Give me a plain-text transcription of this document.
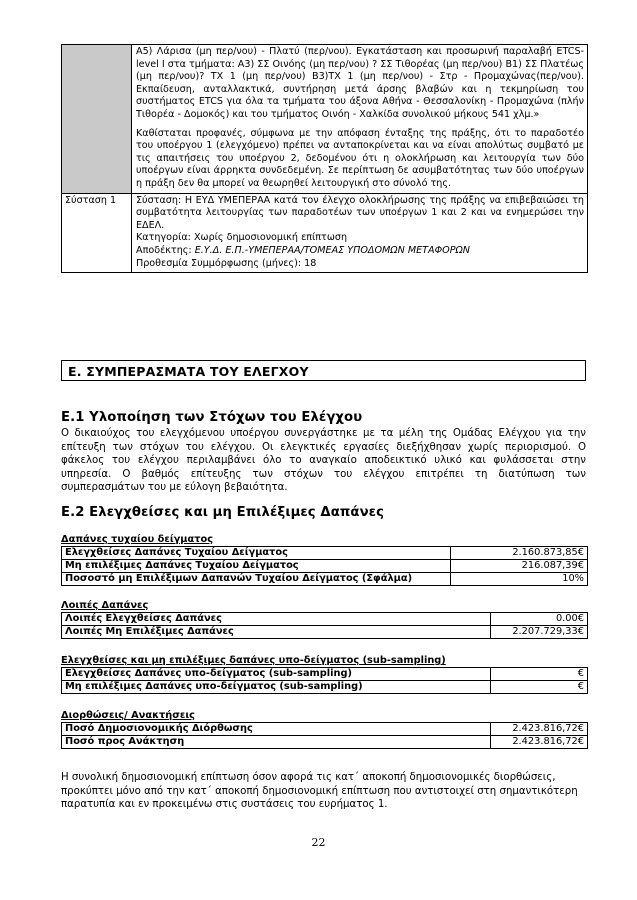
Α5) Λάρισα (μη περ/νου) - Πλατύ (περ/νου). Εγκατάσταση και προσωρινή παραλαβή ETCS-level I στα τμήματα: Α3) ΣΣ Οινόης (μη περ/νου) ? ΣΣ Τιθορέας (μη περ/νου) Β1) ΣΣ Πλατέως (μη περ/νου)? ΤΧ 1 (μη περ/νου) Β3)ΤΧ 1 (μη περ/νου) - Στρ - Προμαχώνας(περ/νου). Εκπαίδευση, ανταλλακτικά, συντήρηση μετά άρσης βλαβών και η τεκμηρίωση του συστήματος ETCS για όλα τα τμήματα του άξονα Αθήνα - Θεσσαλονίκη - Προμαχώνα (πλήν Τιθορέα - Δομοκός) και του τμήματος Οινόη - Χαλκίδα συνολικού μήκους 541 χλμ.»

Καθίσταται προφανές, σύμφωνα με την απόφαση ένταξης της πράξης, ότι το παραδοτέο του υποέργου 1 (ελεγχόμενο) πρέπει να ανταποκρίνεται και να είναι απολύτως συμβατό με τις απαιτήσεις του υποέργου 2, δεδομένου ότι η ολοκλήρωση και λειτουργία των δύο υποέργων είναι άρρηκτα συνδεδεμένη. Σε περίπτωση δε ασυμβατότητας των δύο υποέργων η πράξη δεν θα μπορεί να θεωρηθεί λειτουργική στο σύνολό της.

Σύσταση 1	Σύσταση: Η ΕΥΔ ΥΜΕΠΕΡΑΑ κατά τον έλεγχο ολοκλήρωσης της πράξης να επιβεβαιώσει τη συμβατότητα λειτουργίας των παραδοτέων των υποέργων 1 και 2 και να ενημερώσει την ΕΔΕΛ.

Κατηγορία: Χωρίς δημοσιονομική επίπτωση
Αποδέκτης: Ε.Υ.Δ. Ε.Π.-ΥΜΕΠΕΡΑΑ/ΤΟΜΕΑΣ ΥΠΟΔΟΜΩΝ ΜΕΤΑΦΟΡΩΝ
Προθεσμία Συμμόρφωσης (μήνες): 18
Ε. ΣΥΜΠΕΡΑΣΜΑΤΑ ΤΟΥ ΕΛΕΓΧΟΥ
Ε.1 Υλοποίηση των Στόχων του Ελέγχου

Ο δικαιούχος του ελεγχόμενου υποέργου συνεργάστηκε με τα μέλη της Ομάδας Ελέγχου για την επίτευξη των στόχων του ελέγχου. Οι ελεγκτικές εργασίες διεξήχθησαν χωρίς περιορισμού. Ο φάκελος του ελέγχου περιλαμβάνει όλο το αναγκαίο αποδεικτικό υλικό και φυλάσσεται στην υπηρεσία. Ο βαθμός επίτευξης των στόχων του ελέγχου επιτρέπει τη διατύπωση των συμπερασμάτων του με εύλογη βεβαιότητα.

Ε.2 Ελεγχθείσες και μη Επιλέξιμες Δαπάνες
Δαπάνες τυχαίου δείγματος
Ελεγχθείσες Δαπάνες Τυχαίου Δείγματος	2.160.873,85€
Μη επιλέξιμες Δαπάνες Τυχαίου Δείγματος	216.087,39€
Ποσοστό μη Επιλέξιμων Δαπανών Τυχαίου Δείγματος (Σφάλμα)	10%
Λοιπές Δαπάνες
Λοιπές Ελεγχθείσες Δαπάνες	0.00€
Λοιπές Μη Επιλέξιμες Δαπάνες	2.207.729,33€
Ελεγχθείσες και μη επιλέξιμες δαπάνες υπο-δείγματος (sub-sampling)
Ελεγχθείσες Δαπάνες υπο-δείγματος (sub-sampling)	€
Μη επιλέξιμες Δαπάνες υπο-δείγματος (sub-sampling)	€
Διορθώσεις/ Ανακτήσεις
Ποσό Δημοσιονομικής Διόρθωσης	2.423.816,72€
Ποσό προς Ανάκτηση	2.423.816,72€

Η συνολική δημοσιονομική επίπτωση όσον αφορά τις κατ΄ αποκοπή δημοσιονομικές διορθώσεις, προκύπτει μόνο από την κατ΄ αποκοπή δημοσιονομική επίπτωση που αντιστοιχεί στη σημαντικότερη παρατυπία και εν προκειμένω στις συστάσεις του ευρήματος 1.

22
